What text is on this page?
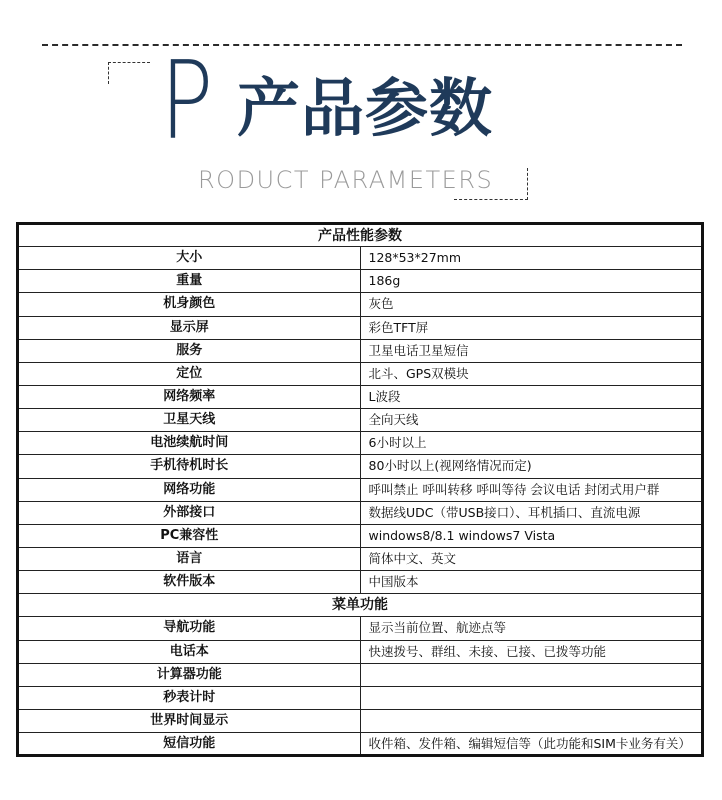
P 产品参数
RODUCT PARAMETERS
产品性能参数	
大小	128*53*27mm
重量	186g
机身颜色	灰色
显示屏	彩色TFT屏
服务	卫星电话卫星短信
定位	北斗、GPS双模块
网络频率	L波段
卫星天线	全向天线
电池续航时间	6小时以上
手机待机时长	80小时以上(视网络情况而定)
网络功能	呼叫禁止 呼叫转移 呼叫等待 会议电话 封闭式用户群
外部接口	数据线UDC（带USB接口）、耳机插口、直流电源
PC兼容性	windows8/8.1 windows7 Vista
语言	简体中文、英文
软件版本	中国版本
菜单功能	
导航功能	显示当前位置、航迹点等
电话本	快速拨号、群组、未接、已接、已拨等功能
计算器功能	
秒表计时	
世界时间显示	
短信功能	收件箱、发件箱、编辑短信等（此功能和SIM卡业务有关）
